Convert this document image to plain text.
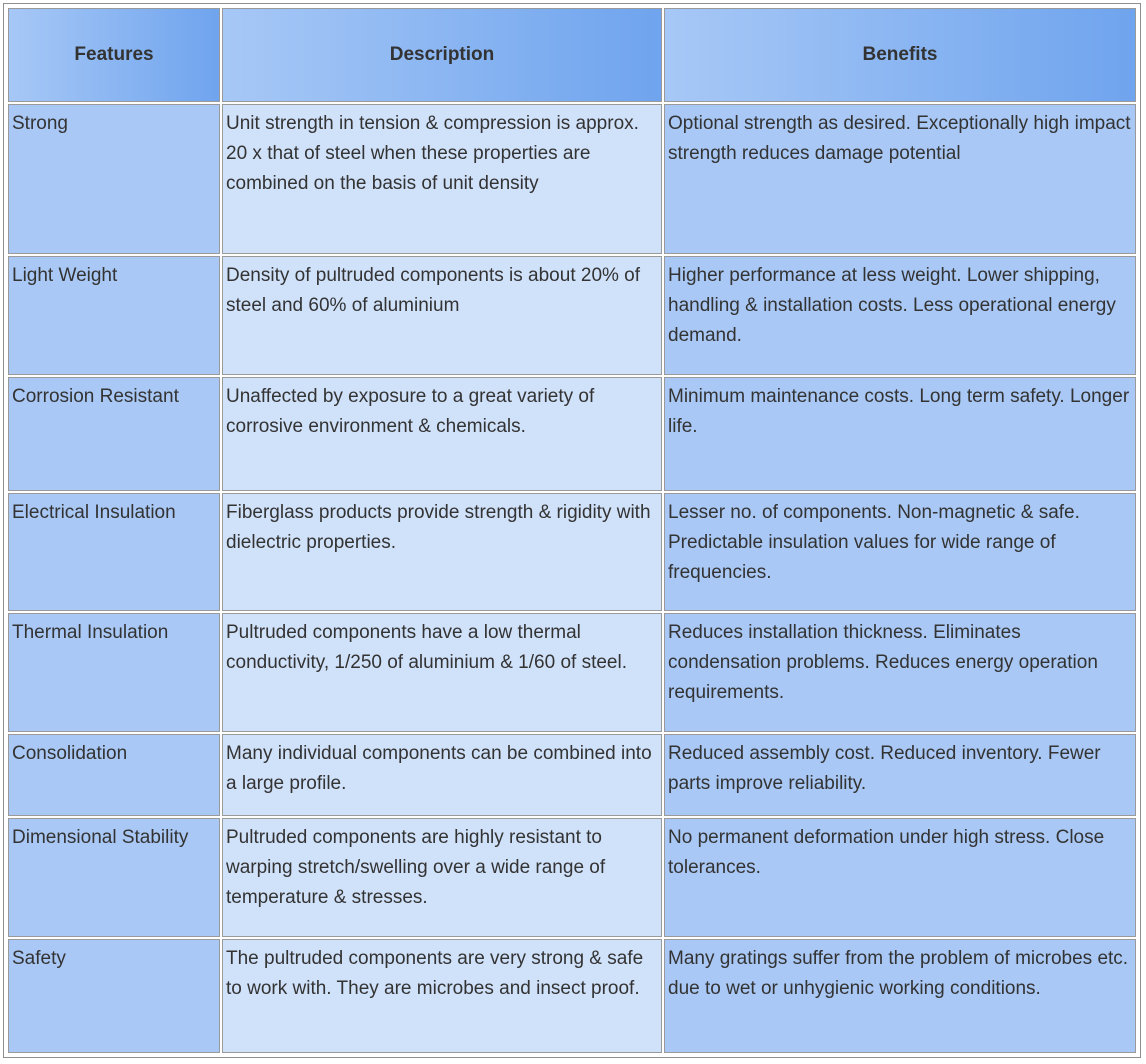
Features	Description	Benefits
Strong	Unit strength in tension & compression is approx. 20 x that of steel when these properties are combined on the basis of unit density	Optional strength as desired. Exceptionally high impact strength reduces damage potential
Light Weight	Density of pultruded components is about 20% of steel and 60% of aluminium	Higher performance at less weight. Lower shipping, handling & installation costs. Less operational energy demand.
Corrosion Resistant	Unaffected by exposure to a great variety of corrosive environment & chemicals.	Minimum maintenance costs. Long term safety. Longer life.
Electrical Insulation	Fiberglass products provide strength & rigidity with dielectric properties.	Lesser no. of components. Non-magnetic & safe. Predictable insulation values for wide range of frequencies.
Thermal Insulation	Pultruded components have a low thermal conductivity, 1/250 of aluminium & 1/60 of steel.	Reduces installation thickness. Eliminates condensation problems. Reduces energy operation requirements.
Consolidation	Many individual components can be combined into a large profile.	Reduced assembly cost. Reduced inventory. Fewer parts improve reliability.
Dimensional Stability	Pultruded components are highly resistant to warping stretch/swelling over a wide range of temperature & stresses.	No permanent deformation under high stress. Close tolerances.
Safety	The pultruded components are very strong & safe to work with. They are microbes and insect proof.	Many gratings suffer from the problem of microbes etc. due to wet or unhygienic working conditions.
